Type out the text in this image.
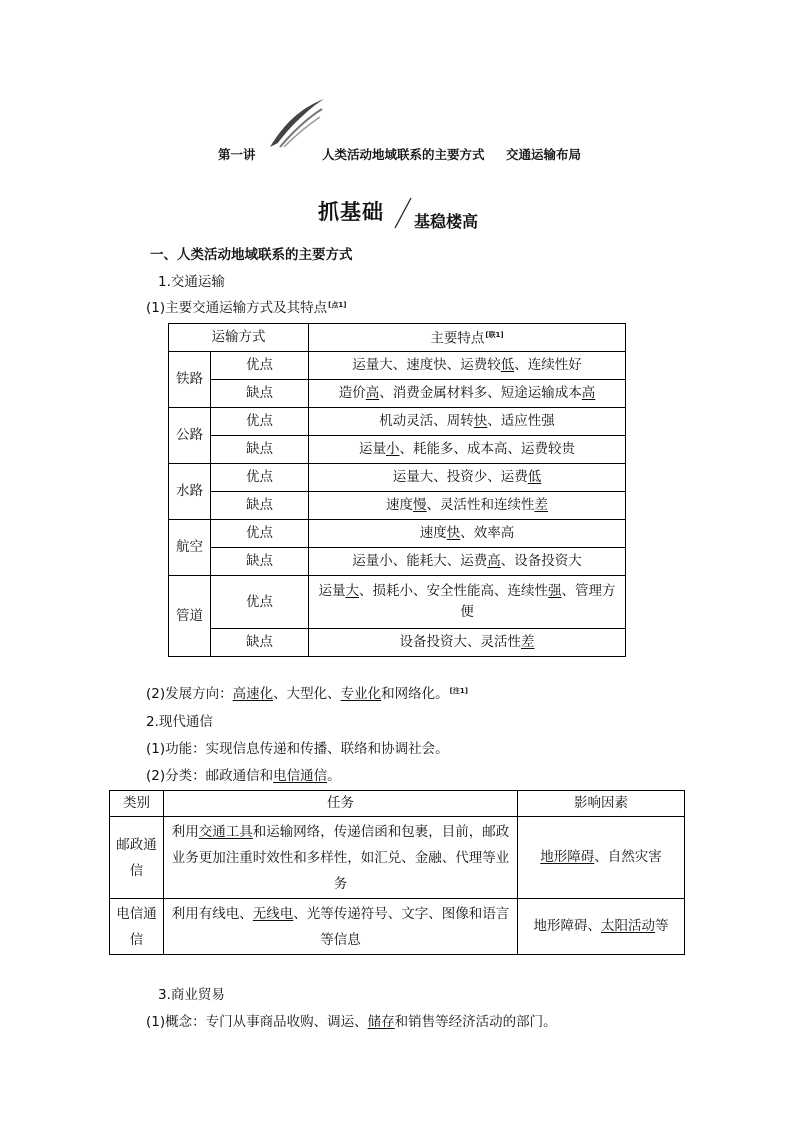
第一讲	人类活动地域联系的主要方式 交通运输布局
抓基础 基稳楼高
一、人类活动地域联系的主要方式
1.交通运输
(1)主要交通运输方式及其特点[点1]
运输方式		主要特点[联1]
铁路	优点	运量大、速度快、运费较低、连续性好
	缺点	造价高、消费金属材料多、短途运输成本高
公路	优点	机动灵活、周转快、适应性强
	缺点	运量小、耗能多、成本高、运费较贵
水路	优点	运量大、投资少、运费低
	缺点	速度慢、灵活性和连续性差
航空	优点	速度快、效率高
	缺点	运量小、能耗大、运费高、设备投资大
管道	优点	运量大、损耗小、安全性能高、连续性强、管理方便
	缺点	设备投资大、灵活性差
(2)发展方向：高速化、大型化、专业化和网络化。[注1]
2.现代通信
(1)功能：实现信息传递和传播、联络和协调社会。
(2)分类：邮政通信和电信通信。
类别	任务	影响因素
邮政通信	利用交通工具和运输网络，传递信函和包裹，目前，邮政业务更加注重时效性和多样性，如汇兑、金融、代理等业务	地形障碍、自然灾害
电信通信	利用有线电、无线电、光等传递符号、文字、图像和语言等信息	地形障碍、太阳活动等
3.商业贸易
(1)概念：专门从事商品收购、调运、储存和销售等经济活动的部门。
